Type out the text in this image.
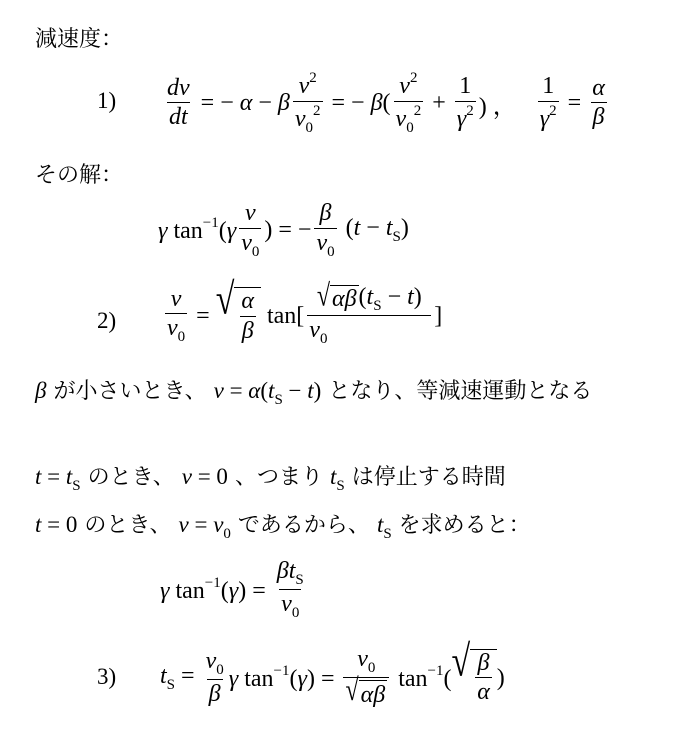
減速度：
$1) \frac{dv}{dt}$ = − α − β $\frac{v^2}{v_0^2}$ = − $\beta( \frac{v^2}{v_0^2} + \frac{1}{\gamma^2}$ ) ， $\frac{1}{\gamma^2} = \frac{\alpha}{\beta}$
その解：
γ $\tan^{-1}(\gamma \frac{v}{v_0}$ ) = − $\frac{\beta}{v_0} (t - t_S)$
$2) \frac{v}{v_0}$ = √ $\frac{\alpha}{\beta} \tan[ \frac{√ \alpha\beta (t_S - t)}{v_0}$ ]
β が小さいとき、 $v = \alpha(t_S - t)$ となり、等減速運動となる
$t = t_S$ のとき、 v = 0 、つまり $t_S$ は停止する時間
t = 0 のとき、 $v = v_0$ であるから、 $t_S$ を求めると：
γ $\tan^{-1}(\gamma) = \frac{\beta t_S}{v_0}$
3) $t_S = \frac{v_0}{\beta}$ γ $\tan^{-1}(\gamma) = \frac{v_0}{√ \alpha\beta} \tan^{-1}$( √ $\frac{\beta}{\alpha}$ )
